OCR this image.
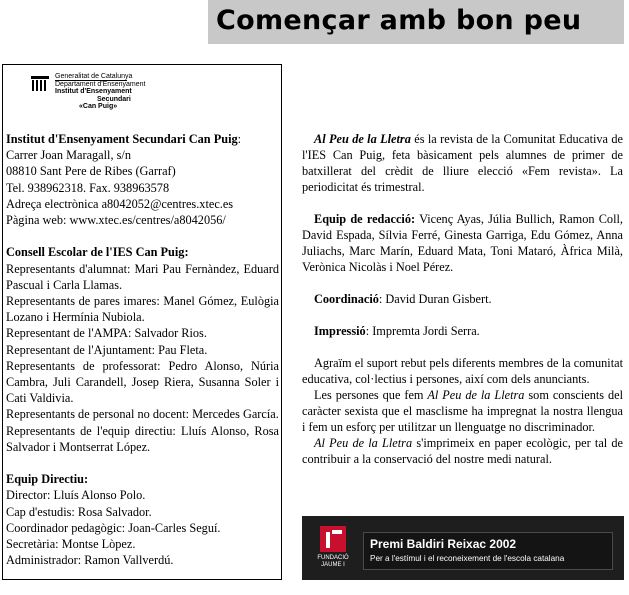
Començar amb bon peu
Generalitat de Catalunya
Departament d'Ensenyament
Institut d'Ensenyament
Secundari
«Can Puig»

Institut d'Ensenyament Secundari Can Puig:

Carrer Joan Maragall, s/n

08810 Sant Pere de Ribes (Garraf)

Tel. 938962318. Fax. 938963578

Adreça electrònica a8042052@centres.xtec.es

Pàgina web: www.xtec.es/centres/a8042056/

Consell Escolar de l'IES Can Puig:

Representants d'alumnat: Mari Pau Fernàndez, Eduard Pascual i Carla Llamas.

Representants de pares imares: Manel Gómez, Eulògia Lozano i Hermínia Nubiola.

Representant de l'AMPA: Salvador Rios.

Representant de l'Ajuntament: Pau Fleta.

Representants de professorat: Pedro Alonso, Núria Cambra, Juli Carandell, Josep Riera, Susanna Soler i Cati Valdivia.

Representants de personal no docent: Mercedes García.

Representants de l'equip directiu: Lluís Alonso, Rosa Salvador i Montserrat López.

Equip Directiu:

Director: Lluís Alonso Polo.

Cap d'estudis: Rosa Salvador.

Coordinador pedagògic: Joan-Carles Seguí.

Secretària: Montse Lòpez.

Administrador: Ramon Vallverdú.

Al Peu de la Lletra és la revista de la Comunitat Educativa de l'IES Can Puig, feta bàsicament pels alumnes de primer de batxillerat del crèdit de lliure elecció «Fem revista». La periodicitat és trimestral.

Equip de redacció: Vicenç Ayas, Júlia Bullich, Ramon Coll, David Espada, Sílvia Ferré, Ginesta Garriga, Edu Gómez, Anna Juliachs, Marc Marín, Eduard Mata, Toni Mataró, Àfrica Milà, Verònica Nicolàs i Noel Pérez.

Coordinació: David Duran Gisbert.

Impressió: Impremta Jordi Serra.

Agraïm el suport rebut pels diferents membres de la comunitat educativa, col·lectius i persones, així com dels anunciants.

Les persones que fem Al Peu de la Lletra som conscients del caràcter sexista que el masclisme ha impregnat la nostra llengua i fem un esforç per utilitzar un llenguatge no discriminador.

Al Peu de la Lletra s'imprimeix en paper ecològic, per tal de contribuir a la conservació del nostre medi natural.

FUNDACIÓ
JAUME I
Premi Baldiri Reixac 2002
Per a l'estímul i el reconeixement de l'escola catalana
